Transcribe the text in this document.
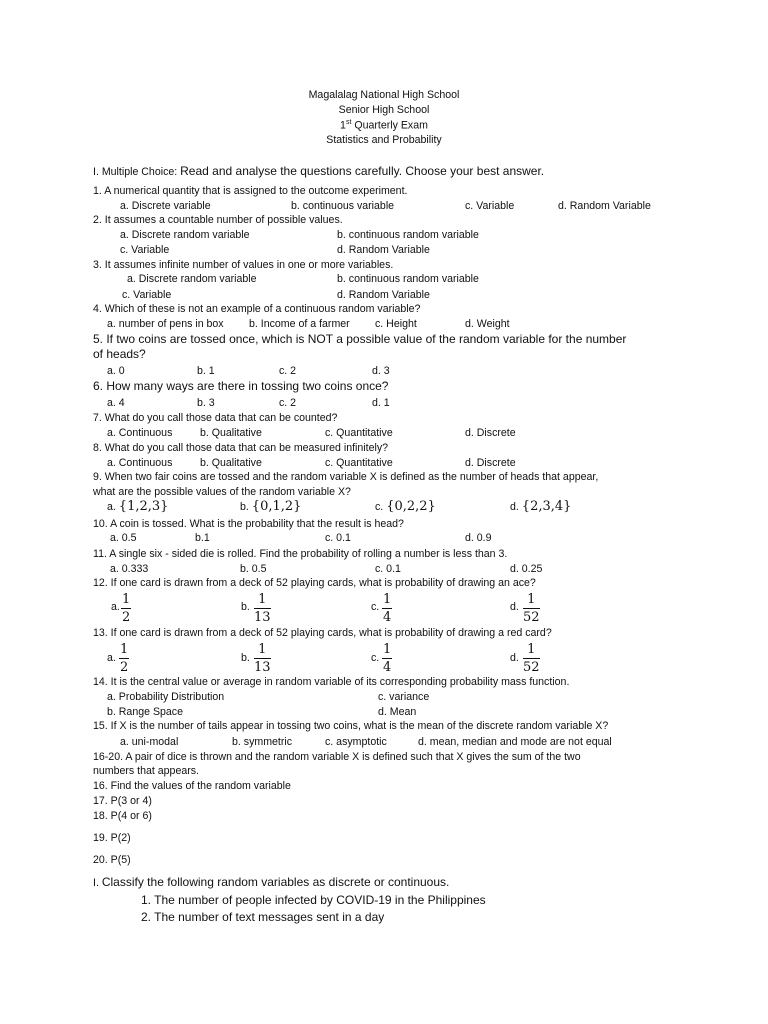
Magalalag National High School
Senior High School
1st Quarterly Exam
Statistics and Probability
I. Multiple Choice: Read and analyse the questions carefully. Choose your best answer.
1. A numerical quantity that is assigned to the outcome experiment.
a. Discrete variable	b. continuous variable	c. Variable	d. Random Variable
2. It assumes a countable number of possible values.
a. Discrete random variable	b. continuous random variable
c. Variable	d. Random Variable
3. It assumes infinite number of values in one or more variables.
a. Discrete random variable	b. continuous random variable
c. Variable	d. Random Variable
4. Which of these is not an example of a continuous random variable?
a. number of pens in box b. Income of a farmer c. Height	d. Weight
5. If two coins are tossed once, which is NOT a possible value of the random variable for the number
of heads?
a. 0	b. 1	c. 2	d. 3
6. How many ways are there in tossing two coins once?
a. 4	b. 3	c. 2	d. 1
7. What do you call those data that can be counted?
a. Continuous	b. Qualitative	c. Quantitative	d. Discrete
8. What do you call those data that can be measured infinitely?
a. Continuous	b. Qualitative	c. Quantitative	d. Discrete
9. When two fair coins are tossed and the random variable X is defined as the number of heads that appear,
what are the possible values of the random variable X?
a. {1,2,3}	b. {0,1,2}	c. {0,2,2}	d. {2,3,4}
10. A coin is tossed. What is the probability that the result is head?
a. 0.5	b.1	c. 0.1	d. 0.9
11. A single six - sided die is rolled. Find the probability of rolling a number is less than 3.
a. 0.333	b. 0.5	c. 0.1	d. 0.25
12. If one card is drawn from a deck of 52 playing cards, what is probability of drawing an ace?
a. 1
2
b. 1
13
c. 1
4
d. 1
52
13. If one card is drawn from a deck of 52 playing cards, what is probability of drawing a red card?
a.
1
2
b.
1
13
c.
1
4
d.
1
52
14. It is the central value or average in random variable of its corresponding probability mass function.
a. Probability Distribution	c. variance
b. Range Space	d. Mean
15. If X is the number of tails appear in tossing two coins, what is the mean of the discrete random variable X?
a. uni-modal	b. symmetric	c. asymptotic	d. mean, median and mode are not equal
16-20. A pair of dice is thrown and the random variable X is defined such that X gives the sum of the two
numbers that appears.
16. Find the values of the random variable
17. P(3 or 4)
18. P(4 or 6)
19. P(2)
20. P(5)
I. Classify the following random variables as discrete or continuous.
1. The number of people infected by COVID-19 in the Philippines
2. The number of text messages sent in a day
